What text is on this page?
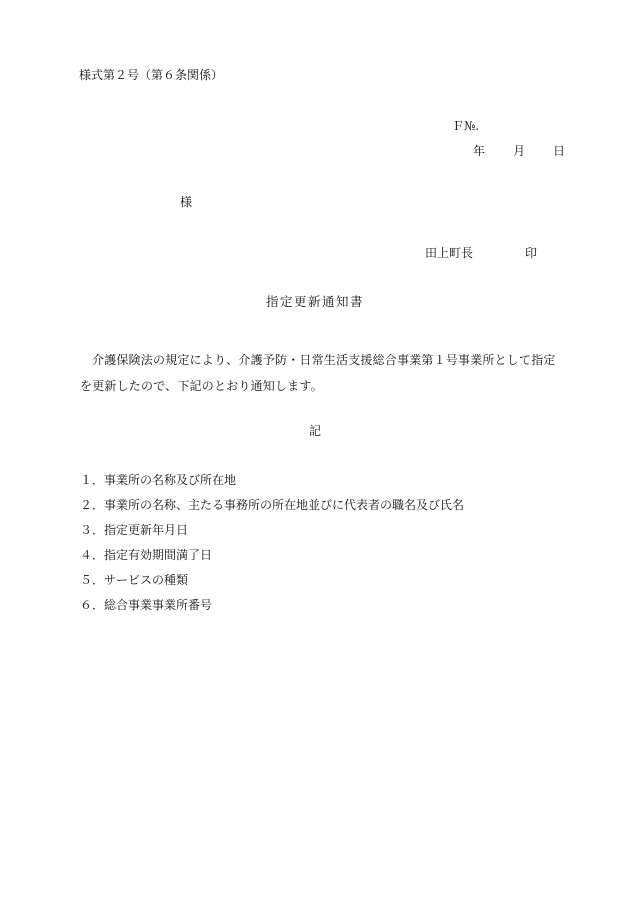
様式第２号（第６条関係）
Ｆ№.
年	月	日
様
田上町長	印
指定更新通知書
介護保険法の規定により、介護予防・日常生活支援総合事業第１号事業所として指定を更新したので、下記のとおり通知します。
記
１． 事業所の名称及び所在地
２． 事業所の名称、主たる事務所の所在地並びに代表者の職名及び氏名
３． 指定更新年月日
４． 指定有効期間満了日
５． サービスの種類
６． 総合事業事業所番号
